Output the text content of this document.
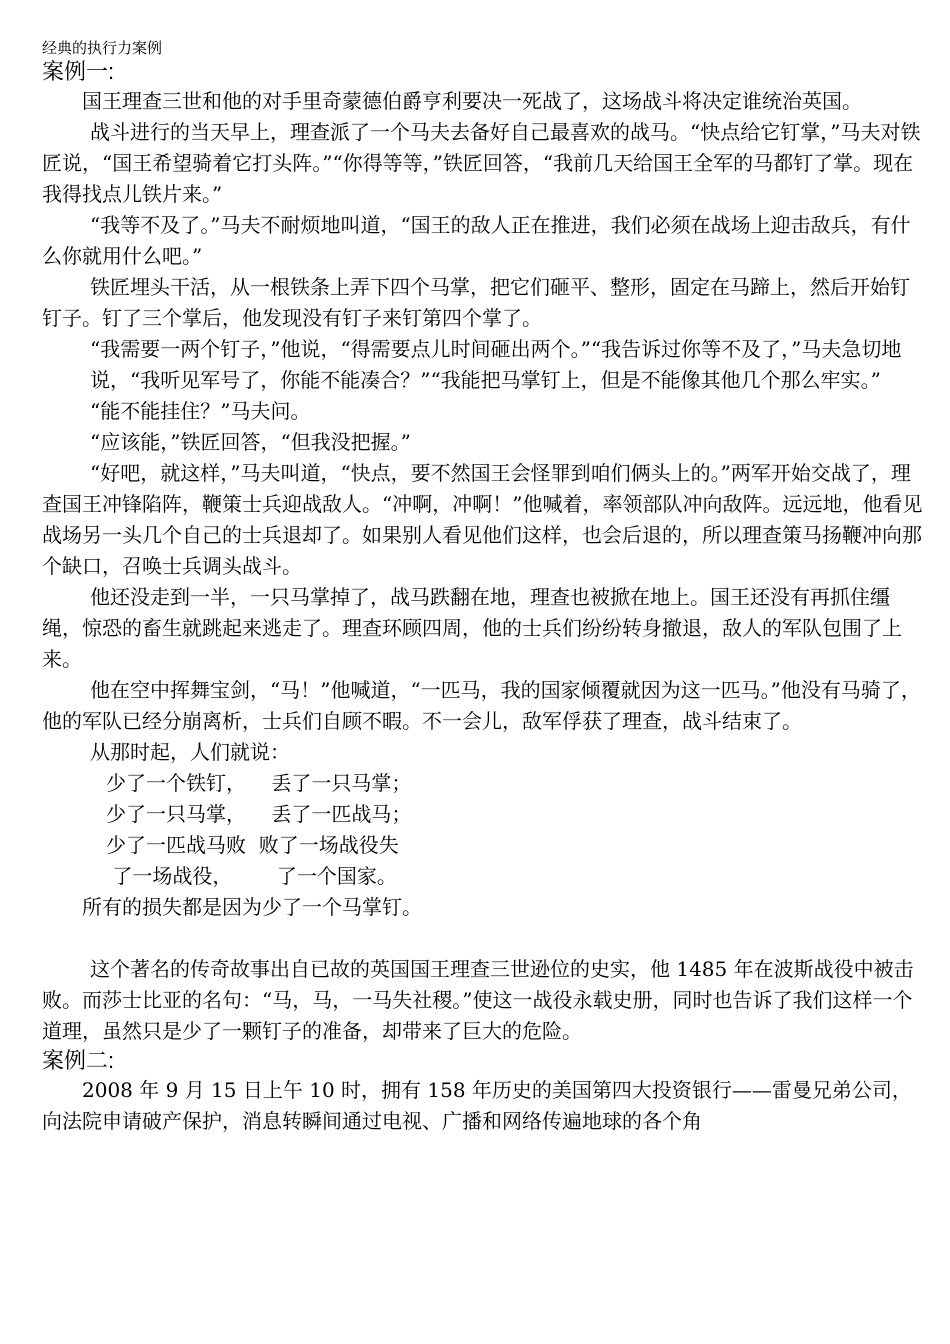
经典的执行力案例
案例一:

国王理查三世和他的对手里奇蒙德伯爵亨利要决一死战了，这场战斗将决定谁统治英国。

战斗进行的当天早上，理查派了一个马夫去备好自己最喜欢的战马。“快点给它钉掌，”马夫对铁匠说，“国王希望骑着它打头阵。”“你得等等，”铁匠回答，“我前几天给国王全军的马都钉了掌。现在我得找点儿铁片来。”

“我等不及了。”马夫不耐烦地叫道，“国王的敌人正在推进，我们必须在战场上迎击敌兵，有什么你就用什么吧。”

铁匠埋头干活，从一根铁条上弄下四个马掌，把它们砸平、整形，固定在马蹄上，然后开始钉钉子。钉了三个掌后，他发现没有钉子来钉第四个掌了。

“我需要一两个钉子，”他说，“得需要点儿时间砸出两个。”“我告诉过你等不及了，”马夫急切地说，“我听见军号了，你能不能凑合？”“我能把马掌钉上，但是不能像其他几个那么牢实。”

“能不能挂住？”马夫问。

“应该能，”铁匠回答，“但我没把握。”

“好吧，就这样，”马夫叫道，“快点，要不然国王会怪罪到咱们俩头上的。”两军开始交战了，理查国王冲锋陷阵，鞭策士兵迎战敌人。“冲啊，冲啊！”他喊着，率领部队冲向敌阵。远远地，他看见战场另一头几个自己的士兵退却了。如果别人看见他们这样，也会后退的，所以理查策马扬鞭冲向那个缺口，召唤士兵调头战斗。

他还没走到一半，一只马掌掉了，战马跌翻在地，理查也被掀在地上。国王还没有再抓住缰绳，惊恐的畜生就跳起来逃走了。理查环顾四周，他的士兵们纷纷转身撤退，敌人的军队包围了上来。

他在空中挥舞宝剑，“马！”他喊道，“一匹马，我的国家倾覆就因为这一匹马。”他没有马骑了，他的军队已经分崩离析，士兵们自顾不暇。不一会儿，敌军俘获了理查，战斗结束了。

从那时起，人们就说：

少了一个铁钉，    丢了一只马掌；

少了一只马掌，    丢了一匹战马；

少了一匹战马败  败了一场战役失

了一场战役，       了一个国家。

所有的损失都是因为少了一个马掌钉。

这个著名的传奇故事出自已故的英国国王理查三世逊位的史实，他 1485 年在波斯战役中被击败。而莎士比亚的名句：“马，马，一马失社稷。”使这一战役永载史册，同时也告诉了我们这样一个道理，虽然只是少了一颗钉子的准备，却带来了巨大的危险。

案例二:

2008 年 9 月 15 日上午 10 时，拥有 158 年历史的美国第四大投资银行——雷曼兄弟公司，向法院申请破产保护，消息转瞬间通过电视、广播和网络传遍地球的各个角
